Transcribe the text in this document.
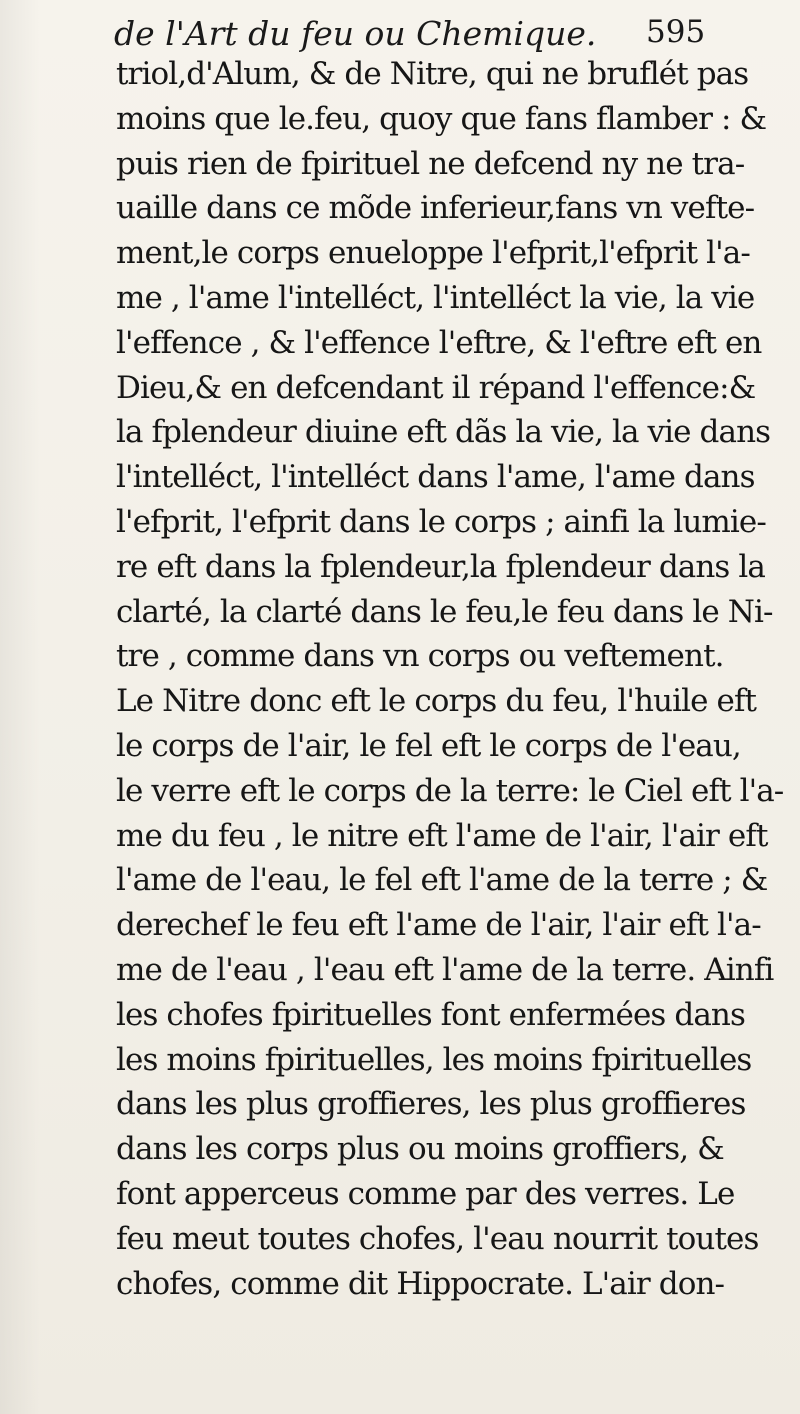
de l'Art du feu ou Chemique. 595
triol,d'Alum, & de Nitre, qui ne bruflét pas
moins que le.feu, quoy que fans flamber : &
puis rien de fpirituel ne defcend ny ne tra-
uaille dans ce mõde inferieur,fans vn vefte-
ment,le corps enueloppe l'efprit,l'efprit l'a-
me , l'ame l'intelléct, l'intelléct la vie, la vie
l'effence , & l'effence l'eftre, & l'eftre eft en
Dieu,& en defcendant il répand l'effence:&
la fplendeur diuine eft dãs la vie, la vie dans
l'intelléct, l'intelléct dans l'ame, l'ame dans
l'efprit, l'efprit dans le corps ; ainfi la lumie-
re eft dans la fplendeur,la fplendeur dans la
clarté, la clarté dans le feu,le feu dans le Ni-
tre , comme dans vn corps ou veftement.
Le Nitre donc eft le corps du feu, l'huile eft
le corps de l'air, le fel eft le corps de l'eau,
le verre eft le corps de la terre: le Ciel eft l'a-
me du feu , le nitre eft l'ame de l'air, l'air eft
l'ame de l'eau, le fel eft l'ame de la terre ; &
derechef le feu eft l'ame de l'air, l'air eft l'a-
me de l'eau , l'eau eft l'ame de la terre. Ainfi
les chofes fpirituelles font enfermées dans
les moins fpirituelles, les moins fpirituelles
dans les plus groffieres, les plus groffieres
dans les corps plus ou moins groffiers, &
font apperceus comme par des verres. Le
feu meut toutes chofes, l'eau nourrit toutes
chofes, comme dit Hippocrate. L'air don-
